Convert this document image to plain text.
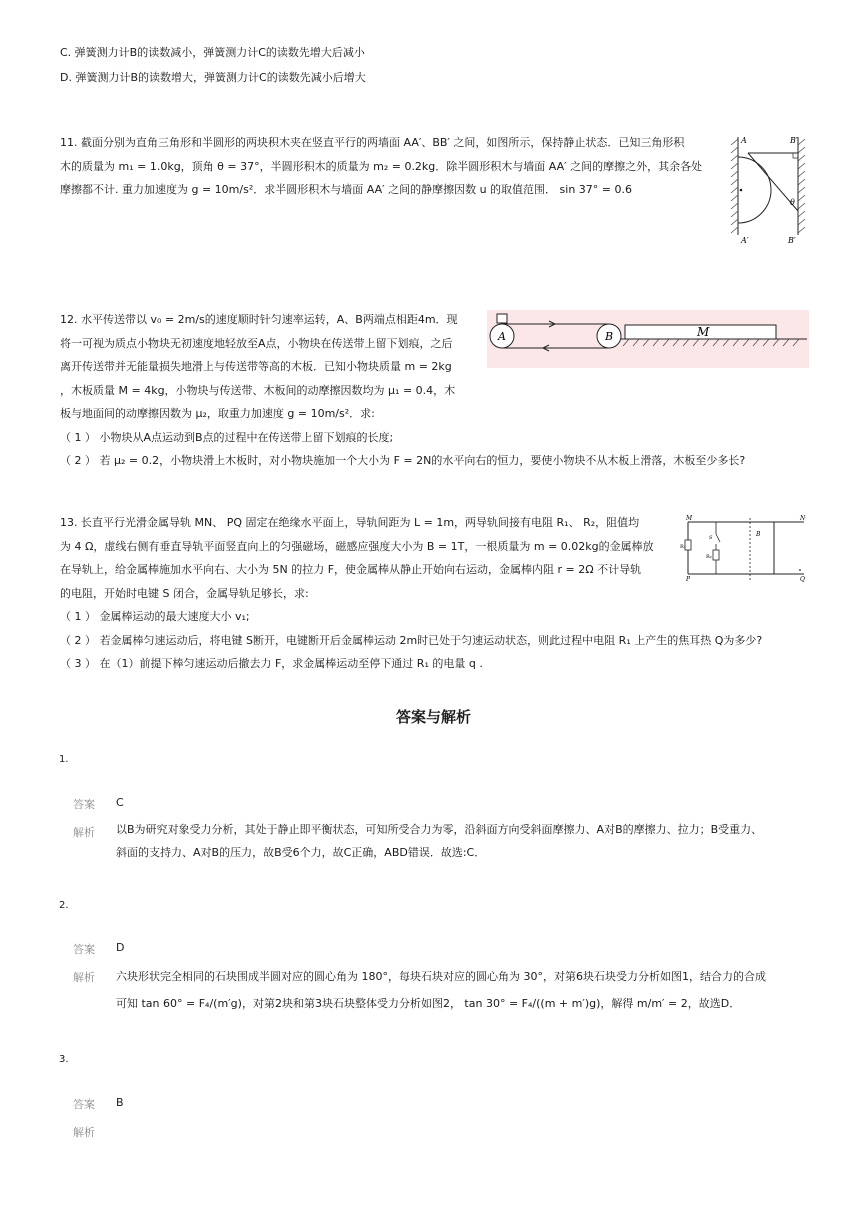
C. 弹簧测力计B的读数减小，弹簧测力计C的读数先增大后减小
D. 弹簧测力计B的读数增大，弹簧测力计C的读数先减小后增大

11. 截面分别为直角三角形和半圆形的两块积木夹在竖直平行的两墙面 AA′、BB′ 之间，如图所示，保持静止状态．已知三角形积

木的质量为 m₁ = 1.0kg，顶角 θ = 37°，半圆形积木的质量为 m₂ = 0.2kg．除半圆形积木与墙面 AA′ 之间的摩擦之外，其余各处

摩擦都不计. 重力加速度为 g = 10m/s²．求半圆形积木与墙面 AA′ 之间的静摩擦因数 u 的取值范围． sin 37° = 0.6

A	B′
θ
A′	B′

12. 水平传送带以 v₀ = 2m/s的速度顺时针匀速率运转，A、B两端点相距4m．现

将一可视为质点小物块无初速度地轻放至A点，小物块在传送带上留下划痕，之后

离开传送带并无能量损失地滑上与传送带等高的木板．已知小物块质量 m = 2kg

，木板质量 M = 4kg，小物块与传送带、木板间的动摩擦因数均为 μ₁ = 0.4，木

板与地面间的动摩擦因数为 μ₂，取重力加速度 g = 10m/s²．求:

（ 1 ） 小物块从A点运动到B点的过程中在传送带上留下划痕的长度;

（ 2 ） 若 μ₂ = 0.2，小物块滑上木板时，对小物块施加一个大小为 F = 2N的水平向右的恒力，要使小物块不从木板上滑落，木板至少多长?

A	B	M

13. 长直平行光滑金属导轨 MN、 PQ 固定在绝缘水平面上，导轨间距为 L = 1m，两导轨间接有电阻 R₁、 R₂，阻值均

为 4 Ω，虚线右侧有垂直导轨平面竖直向上的匀强磁场，磁感应强度大小为 B = 1T，一根质量为 m = 0.02kg的金属棒放

在导轨上，给金属棒施加水平向右、大小为 5N 的拉力 F，使金属棒从静止开始向右运动，金属棒内阻 r = 2Ω 不计导轨

的电阻，开始时电键 S 闭合，金属导轨足够长，求:

（ 1 ） 金属棒运动的最大速度大小 v₁;

（ 2 ） 若金属棒匀速运动后，将电键 S断开，电键断开后金属棒运动 2m时已处于匀速运动状态，则此过程中电阻 R₁ 上产生的焦耳热 Q为多少?

（ 3 ） 在（1）前提下棒匀速运动后撤去力 F，求金属棒运动至停下通过 R₁ 的电量 q .

M	N
P	Q
R₁
S
R₂
B
答案与解析
1.
答案 C
解析 以B为研究对象受力分析，其处于静止即平衡状态，可知所受合力为零，沿斜面方向受斜面摩擦力、A对B的摩擦力、拉力；B受重力、

斜面的支持力、A对B的压力，故B受6个力，故C正确，ABD错误．故选:C．

2.
答案 D
解析 六块形状完全相同的石块围成半圆对应的圆心角为 180°，每块石块对应的圆心角为 30°，对第6块石块受力分析如图1，结合力的合成

可知 tan 60° = F₄/(m′g)，对第2块和第3块石块整体受力分析如图2， tan 30° = F₄/((m + m′)g)，解得 m/m′ = 2，故选D．

3.
答案 B
解析
